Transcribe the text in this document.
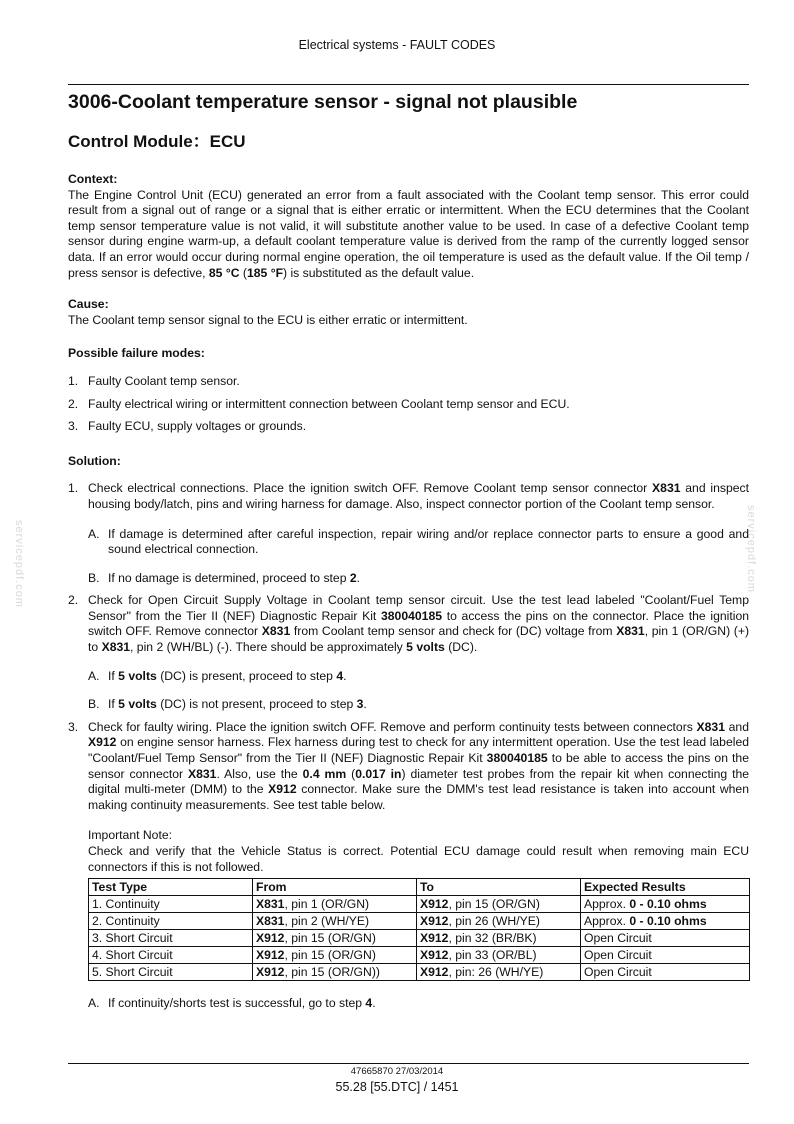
Electrical systems - FAULT CODES
3006-Coolant temperature sensor - signal not plausible
Control Module：ECU
servicepdf.com	servicepdf.com

Context:

The Engine Control Unit (ECU) generated an error from a fault associated with the Coolant temp sensor. This error could result from a signal out of range or a signal that is either erratic or intermittent. When the ECU determines that the Coolant temp sensor temperature value is not valid, it will substitute another value to be used. In case of a defective Coolant temp sensor during engine warm-up, a default coolant temperature value is derived from the ramp of the currently logged sensor data. If an error would occur during normal engine operation, the oil temperature is used as the default value. If the Oil temp / press sensor is defective, 85 °C (185 °F) is substituted as the default value.

Cause:

The Coolant temp sensor signal to the ECU is either erratic or intermittent.

Possible failure modes:

1. Faulty Coolant temp sensor.
2. Faulty electrical wiring or intermittent connection between Coolant temp sensor and ECU.
3. Faulty ECU, supply voltages or grounds.

Solution:

1. Check electrical connections. Place the ignition switch OFF. Remove Coolant temp sensor connector X831 and inspect housing body/latch, pins and wiring harness for damage. Also, inspect connector portion of the Coolant temp sensor.
A. If damage is determined after careful inspection, repair wiring and/or replace connector parts to ensure a good and sound electrical connection.
B. If no damage is determined, proceed to step 2.
2. Check for Open Circuit Supply Voltage in Coolant temp sensor circuit. Use the test lead labeled "Coolant/Fuel Temp Sensor" from the Tier II (NEF) Diagnostic Repair Kit 380040185 to access the pins on the connector. Place the ignition switch OFF. Remove connector X831 from Coolant temp sensor and check for (DC) voltage from X831, pin 1 (OR/GN) (+) to X831, pin 2 (WH/BL) (-). There should be approximately 5 volts (DC).
A. If 5 volts (DC) is present, proceed to step 4.
B. If 5 volts (DC) is not present, proceed to step 3.
3. Check for faulty wiring. Place the ignition switch OFF. Remove and perform continuity tests between connectors X831 and X912 on engine sensor harness. Flex harness during test to check for any intermittent operation. Use the test lead labeled "Coolant/Fuel Temp Sensor" from the Tier II (NEF) Diagnostic Repair Kit 380040185 to be able to access the pins on the sensor connector X831. Also, use the 0.4 mm (0.017 in) diameter test probes from the repair kit when connecting the digital multi-meter (DMM) to the X912 connector. Make sure the DMM's test lead resistance is taken into account when making continuity measurements. See test table below.

Important Note:

Check and verify that the Vehicle Status is correct. Potential ECU damage could result when removing main ECU connectors if this is not followed.

Test Type	From	To	Expected Results
1. Continuity	X831, pin 1 (OR/GN)	X912, pin 15 (OR/GN)	Approx. 0 - 0.10 ohms
2. Continuity	X831, pin 2 (WH/YE)	X912, pin 26 (WH/YE)	Approx. 0 - 0.10 ohms
3. Short Circuit	X912, pin 15 (OR/GN)	X912, pin 32 (BR/BK)	Open Circuit
4. Short Circuit	X912, pin 15 (OR/GN)	X912, pin 33 (OR/BL)	Open Circuit
5. Short Circuit	X912, pin 15 (OR/GN))	X912, pin: 26 (WH/YE)	Open Circuit
A. If continuity/shorts test is successful, go to step 4.
47665870 27/03/2014
55.28 [55.DTC] / 1451
